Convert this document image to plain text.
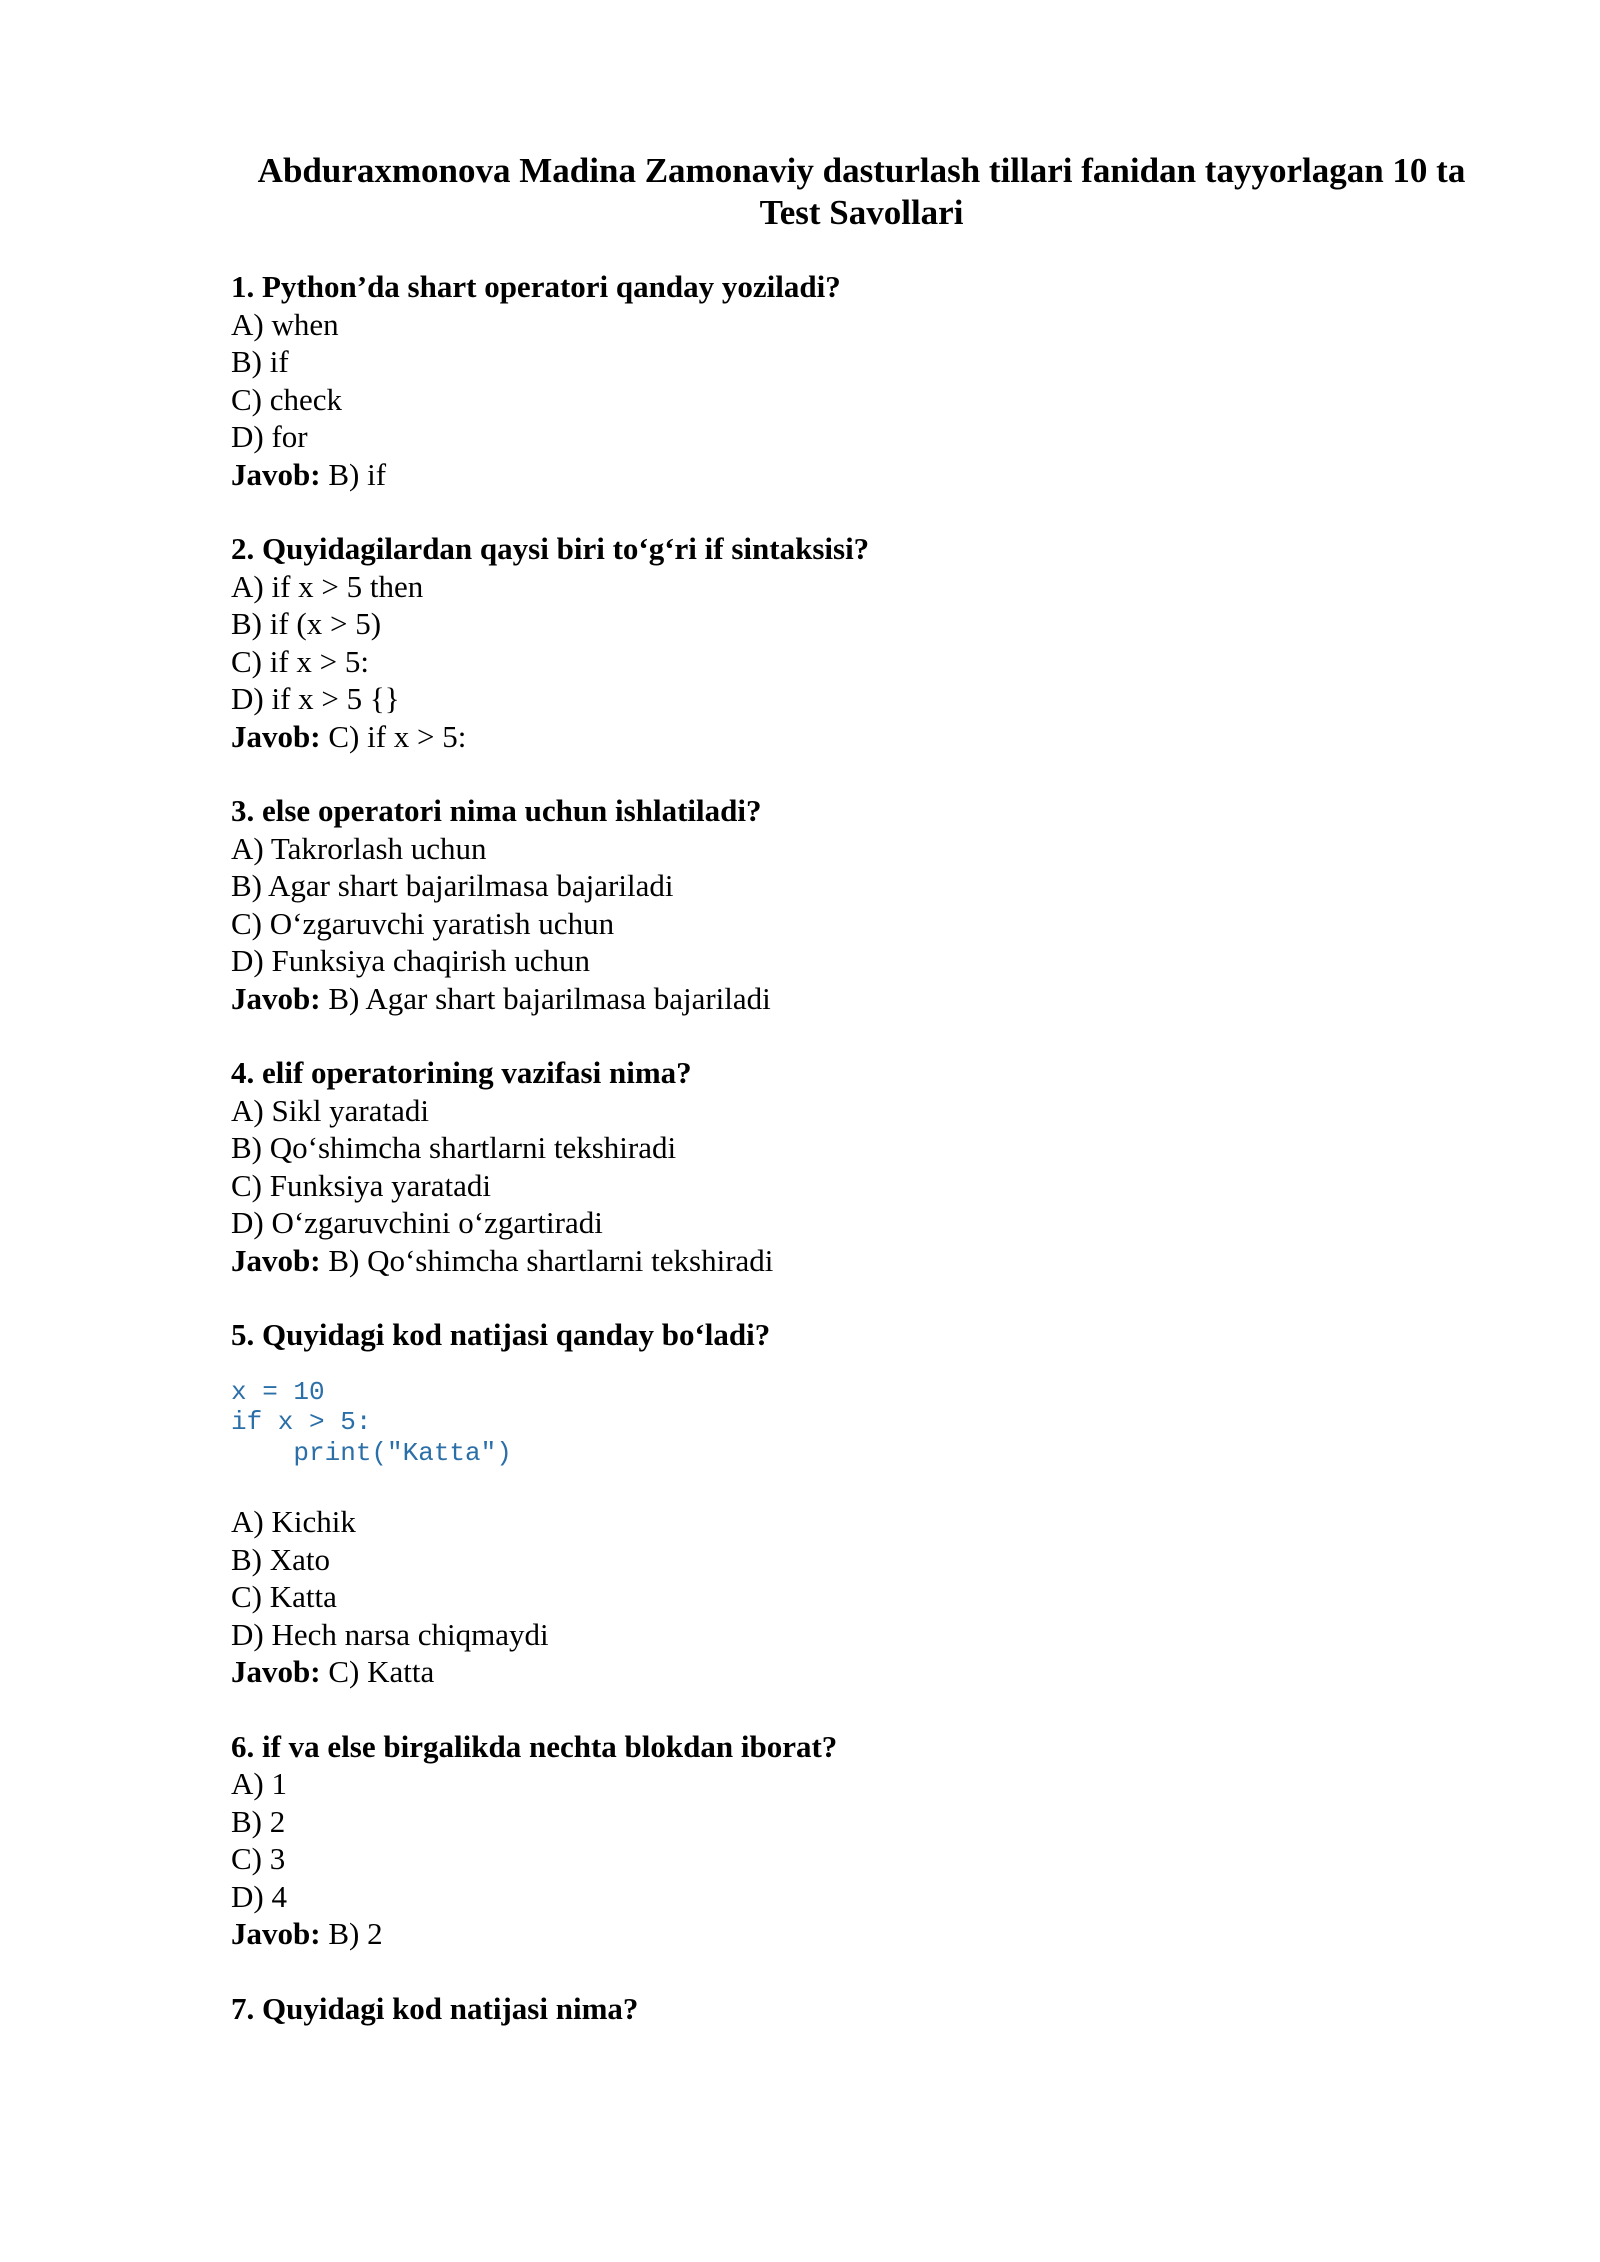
Abduraxmonova Madina Zamonaviy dasturlash tillari fanidan tayyorlagan 10 ta
Test Savollari
1. Python’da shart operatori qanday yoziladi?
A) when
B) if
C) check
D) for
Javob: B) if
2. Quyidagilardan qaysi biri to‘g‘ri if sintaksisi?
A) if x > 5 then
B) if (x > 5)
C) if x > 5:
D) if x > 5 {}
Javob: C) if x > 5:
3. else operatori nima uchun ishlatiladi?
A) Takrorlash uchun
B) Agar shart bajarilmasa bajariladi
C) O‘zgaruvchi yaratish uchun
D) Funksiya chaqirish uchun
Javob: B) Agar shart bajarilmasa bajariladi
4. elif operatorining vazifasi nima?
A) Sikl yaratadi
B) Qo‘shimcha shartlarni tekshiradi
C) Funksiya yaratadi
D) O‘zgaruvchini o‘zgartiradi
Javob: B) Qo‘shimcha shartlarni tekshiradi
5. Quyidagi kod natijasi qanday bo‘ladi?
x = 10
if x > 5:
print("Katta")
A) Kichik
B) Xato
C) Katta
D) Hech narsa chiqmaydi
Javob: C) Katta
6. if va else birgalikda nechta blokdan iborat?
A) 1
B) 2
C) 3
D) 4
Javob: B) 2
7. Quyidagi kod natijasi nima?
